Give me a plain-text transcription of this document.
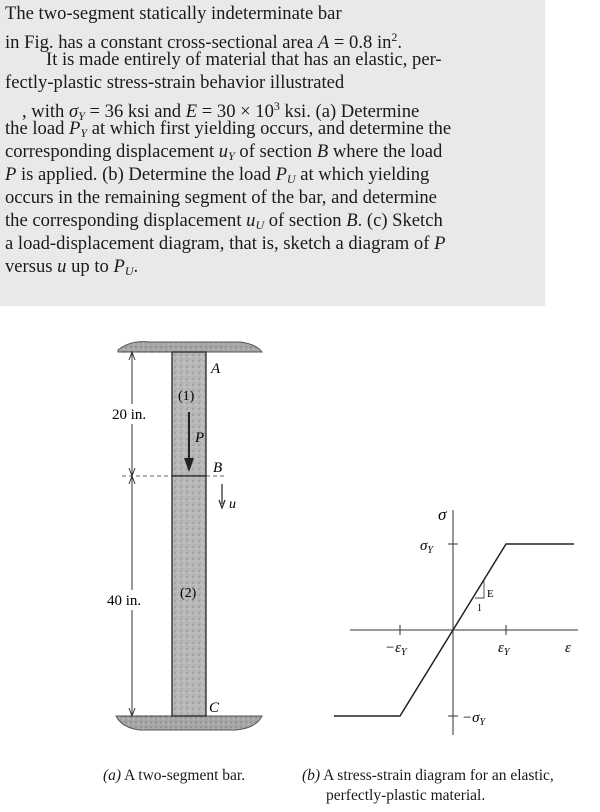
The two-segment statically indeterminate bar
in Fig. has a constant cross-sectional area A = 0.8 $in^2$.
It is made entirely of material that has an elastic, per-
fectly-plastic stress-strain behavior illustrated
, with $\sigma_Y = 36$ ksi and $E = 30 \times 10^3$ ksi. (a) Determine
the load $P_Y$ at which first yielding occurs, and determine the
corresponding displacement $u_Y$ of section B where the load
P is applied. (b) Determine the load $P_U$ at which yielding
occurs in the remaining segment of the bar, and determine
the corresponding displacement $u_U$ of section B. (c) Sketch
a load-displacement diagram, that is, sketch a diagram of P
versus u up to $P_U$.
20 in.
40 in.
P
(1)
(2)
A
B
C
u
σ
$\sigma_Y$
$-\sigma_Y$
$-\varepsilon_Y$	$\varepsilon_Y$	ε
E
1
(a) A two-segment bar.	(b) A stress-strain diagram for an elastic,
perfectly-plastic material.
